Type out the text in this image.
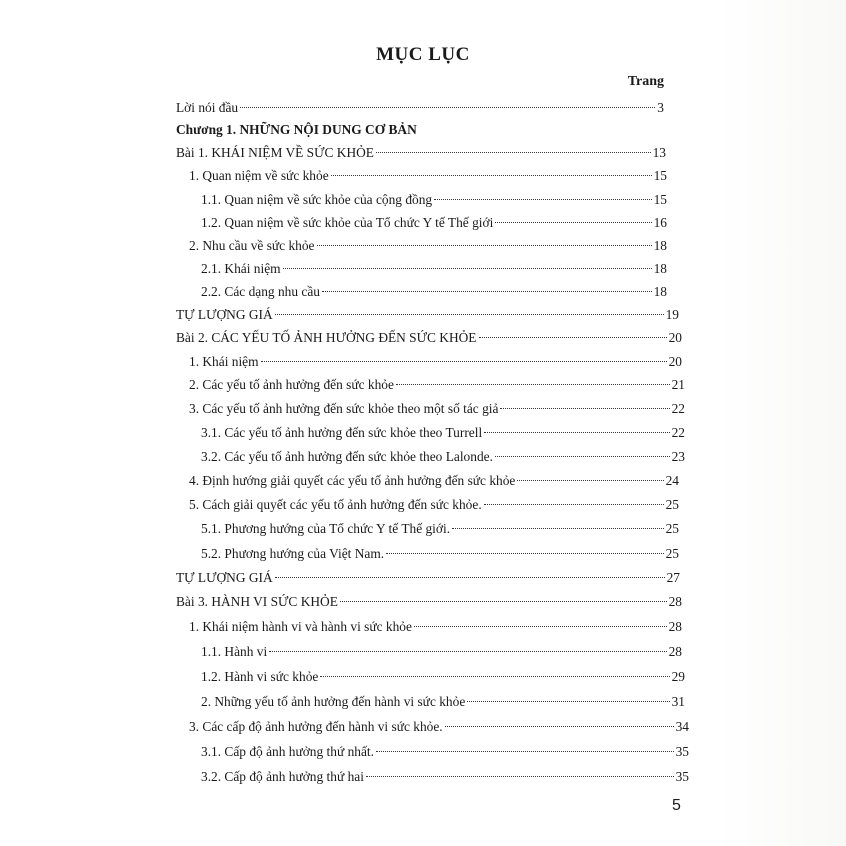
MỤC LỤC
Trang
Lời nói đầu	3
Chương 1. NHỮNG NỘI DUNG CƠ BẢN
Bài 1. KHÁI NIỆM VỀ SỨC KHỎE	13
1. Quan niệm về sức khỏe	15
1.1. Quan niệm về sức khỏe của cộng đồng	15
1.2. Quan niệm về sức khỏe của Tổ chức Y tế Thế giới	16
2. Nhu cầu về sức khỏe	18
2.1. Khái niệm	18
2.2. Các dạng nhu cầu	18
TỰ LƯỢNG GIÁ	19
Bài 2. CÁC YẾU TỐ ẢNH HƯỞNG ĐẾN SỨC KHỎE	20
1. Khái niệm	20
2. Các yếu tố ảnh hưởng đến sức khỏe	21
3. Các yếu tố ảnh hưởng đến sức khỏe theo một số tác giả	22
3.1. Các yếu tố ảnh hưởng đến sức khỏe theo Turrell	22
3.2. Các yếu tố ảnh hưởng đến sức khỏe theo Lalonde.	23
4. Định hướng giải quyết các yếu tố ảnh hưởng đến sức khỏe	24
5. Cách giải quyết các yếu tố ảnh hưởng đến sức khỏe.	25
5.1. Phương hướng của Tổ chức Y tế Thế giới.	25
5.2. Phương hướng của Việt Nam.	25
TỰ LƯỢNG GIÁ	27
Bài 3. HÀNH VI SỨC KHỎE	28
1. Khái niệm hành vi và hành vi sức khỏe	28
1.1. Hành vi	28
1.2. Hành vi sức khỏe	29
2. Những yếu tố ảnh hưởng đến hành vi sức khỏe	31
3. Các cấp độ ảnh hưởng đến hành vi sức khỏe.	34
3.1. Cấp độ ảnh hưởng thứ nhất.	35
3.2. Cấp độ ảnh hưởng thứ hai	35
5
